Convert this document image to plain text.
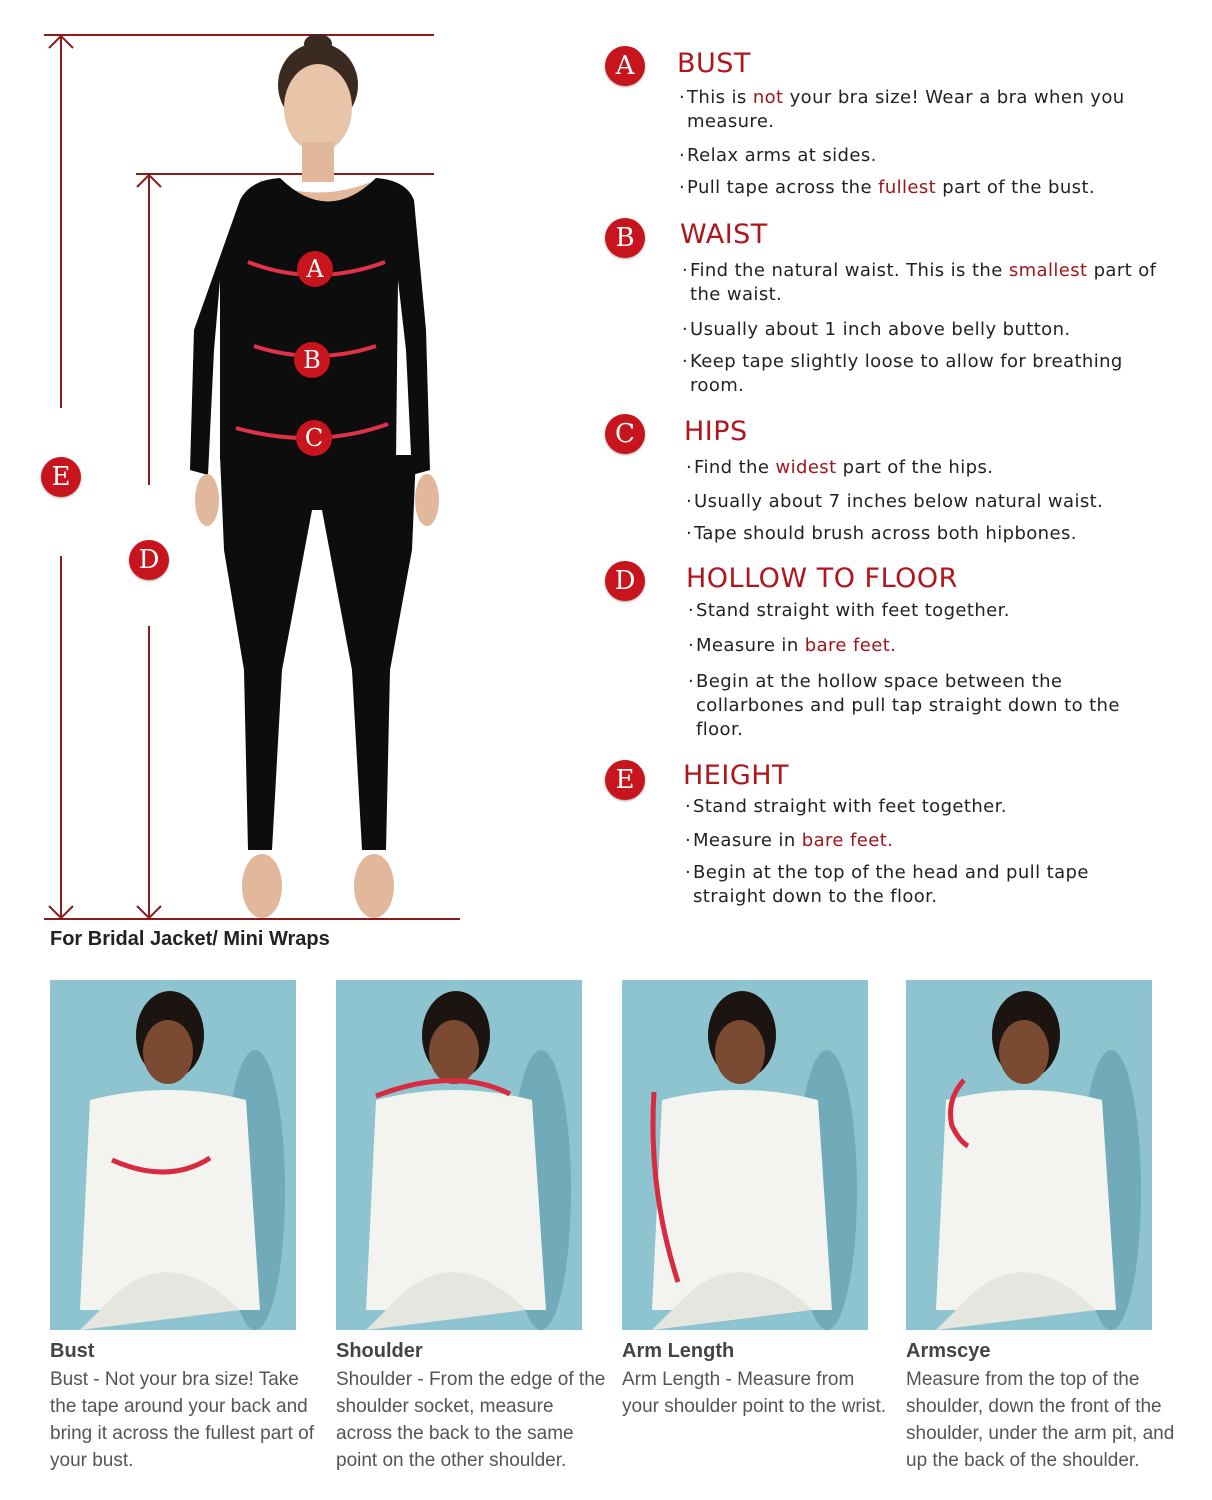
E
D
A
B
C
A	BUST
· This is not your bra size! Wear a bra when you measure.
· Relax arms at sides.
· Pull tape across the fullest part of the bust.
B	WAIST
· Find the natural waist. This is the smallest part of the waist.
· Usually about 1 inch above belly button.
· Keep tape slightly loose to allow for breathing room.
C	HIPS
· Find the widest part of the hips.
· Usually about 7 inches below natural waist.
· Tape should brush across both hipbones.
D	HOLLOW TO FLOOR
· Stand straight with feet together.
· Measure in bare feet.
· Begin at the hollow space between the collarbones and pull tap straight down to the floor.
E	HEIGHT
· Stand straight with feet together.
· Measure in bare feet.
· Begin at the top of the head and pull tape straight down to the floor.
For Bridal Jacket/ Mini Wraps
Bust
Bust - Not your bra size! Take the tape around your back and bring it across the fullest part of your bust.
Shoulder
Shoulder - From the edge of the shoulder socket, measure across the back to the same point on the other shoulder.
Arm Length
Arm Length - Measure from your shoulder point to the wrist.
Armscye
Measure from the top of the shoulder, down the front of the shoulder, under the arm pit, and up the back of the shoulder.
